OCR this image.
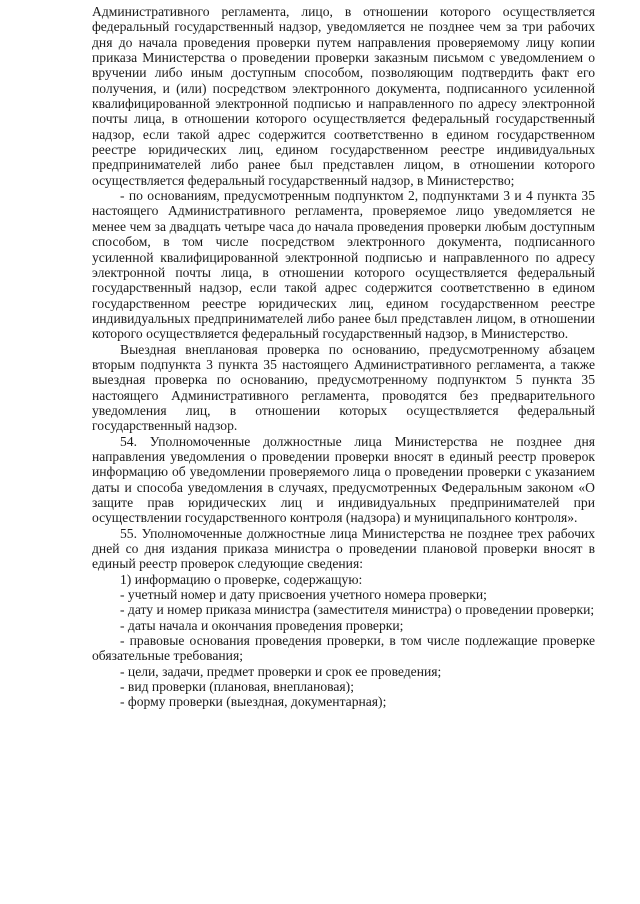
Административного регламента, лицо, в отношении которого осуществляется федеральный государственный надзор, уведомляется не позднее чем за три рабочих дня до начала проведения проверки путем направления проверяемому лицу копии приказа Министерства о проведении проверки заказным письмом с уведомлением о вручении либо иным доступным способом, позволяющим подтвердить факт его получения, и (или) посредством электронного документа, подписанного усиленной квалифицированной электронной подписью и направленного по адресу электронной почты лица, в отношении которого осуществляется федеральный государственный надзор, если такой адрес содержится соответственно в едином государственном реестре юридических лиц, едином государственном реестре индивидуальных предпринимателей либо ранее был представлен лицом, в отношении которого осуществляется федеральный государственный надзор, в Министерство;

- по основаниям, предусмотренным подпунктом 2, подпунктами 3 и 4 пункта 35 настоящего Административного регламента, проверяемое лицо уведомляется не менее чем за двадцать четыре часа до начала проведения проверки любым доступным способом, в том числе посредством электронного документа, подписанного усиленной квалифицированной электронной подписью и направленного по адресу электронной почты лица, в отношении которого осуществляется федеральный государственный надзор, если такой адрес содержится соответственно в едином государственном реестре юридических лиц, едином государственном реестре индивидуальных предпринимателей либо ранее был представлен лицом, в отношении которого осуществляется федеральный государственный надзор, в Министерство.

Выездная внеплановая проверка по основанию, предусмотренному абзацем вторым подпункта 3 пункта 35 настоящего Административного регламента, а также выездная проверка по основанию, предусмотренному подпунктом 5 пункта 35 настоящего Административного регламента, проводятся без предварительного уведомления лиц, в отношении которых осуществляется федеральный государственный надзор.

54. Уполномоченные должностные лица Министерства не позднее дня направления уведомления о проведении проверки вносят в единый реестр проверок информацию об уведомлении проверяемого лица о проведении проверки с указанием даты и способа уведомления в случаях, предусмотренных Федеральным законом «О защите прав юридических лиц и индивидуальных предпринимателей при осуществлении государственного контроля (надзора) и муниципального контроля».

55. Уполномоченные должностные лица Министерства не позднее трех рабочих дней со дня издания приказа министра о проведении плановой проверки вносят в единый реестр проверок следующие сведения:

1) информацию о проверке, содержащую:

- учетный номер и дату присвоения учетного номера проверки;

- дату и номер приказа министра (заместителя министра) о проведении проверки;

- даты начала и окончания проведения проверки;

- правовые основания проведения проверки, в том числе подлежащие проверке обязательные требования;

- цели, задачи, предмет проверки и срок ее проведения;

- вид проверки (плановая, внеплановая);

- форму проверки (выездная, документарная);
